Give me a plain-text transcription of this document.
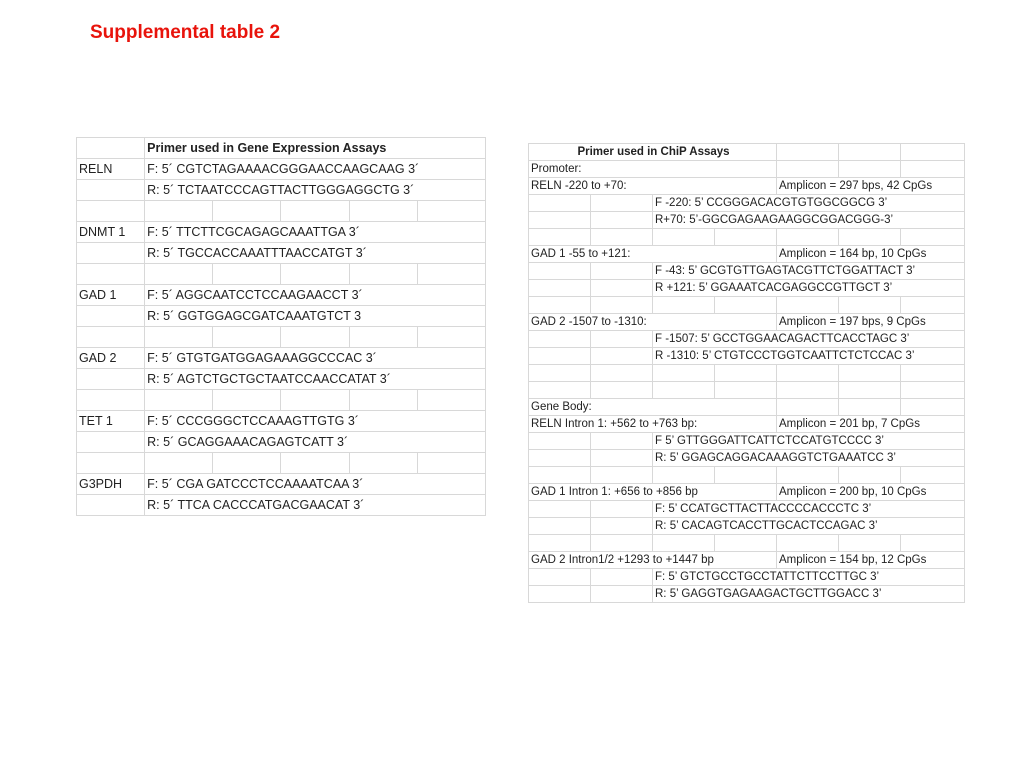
Supplemental table 2
	Primer used in Gene Expression Assays				
RELN	F: 5´ CGTCTAGAAAACGGGAACCAAGCAAG 3´				
	R: 5´ TCTAATCCCAGTTACTTGGGAGGCTG 3´				

DNMT 1	F: 5´ TTCTTCGCAGAGCAAATTGA 3´				
	R: 5´ TGCCACCAAATTTAACCATGT 3´				

GAD 1	F: 5´ AGGCAATCCTCCAAGAACCT 3´				
	R: 5´ GGTGGAGCGATCAAATGTCT 3				

GAD 2	F: 5´ GTGTGATGGAGAAAGGCCCAC 3´				
	R: 5´ AGTCTGCTGCTAATCCAACCATAT 3´				

TET 1	F: 5´ CCCGGGCTCCAAAGTTGTG 3´				
	R: 5´ GCAGGAAACAGAGTCATT 3´				

G3PDH	F: 5´ CGA GATCCCTCCAAAATCAA 3´				
	R: 5´ TTCA CACCCATGACGAACAT 3´				
Primer used in ChiP Assays						
Promoter:						
RELN -220 to +70:				Amplicon = 297 bps, 42 CpGs		
		F -220: 5’ CCGGGACACGTGTGGCGGCG 3’				
		R+70: 5’-GGCGAGAAGAAGGCGGACGGG-3’				

GAD 1 -55 to +121:				Amplicon = 164 bp, 10 CpGs		
		F -43: 5’ GCGTGTTGAGTACGTTCTGGATTACT 3’				
		R +121: 5’ GGAAATCACGAGGCCGTTGCT 3’				

GAD 2 -1507 to -1310:				Amplicon = 197 bps, 9 CpGs		
		F -1507: 5’ GCCTGGAACAGACTTCACCTAGC 3’				
		R -1310: 5’ CTGTCCCTGGTCAATTCTCTCCAC 3’				

Gene Body:						
RELN Intron 1: +562 to +763 bp:				Amplicon = 201 bp, 7 CpGs		
		F 5’ GTTGGGATTCATTCTCCATGTCCCC 3’				
		R: 5’ GGAGCAGGACAAAGGTCTGAAATCC 3’				

GAD 1 Intron 1: +656 to +856 bp				Amplicon = 200 bp, 10 CpGs		
		F: 5’ CCATGCTTACTTACCCCACCCTC 3’				
		R: 5’ CACAGTCACCTTGCACTCCAGAC 3’				

GAD 2 Intron1/2 +1293 to +1447 bp				Amplicon = 154 bp, 12 CpGs		
		F: 5’ GTCTGCCTGCCTATTCTTCCTTGC 3’				
		R: 5’ GAGGTGAGAAGACTGCTTGGACC 3’				
